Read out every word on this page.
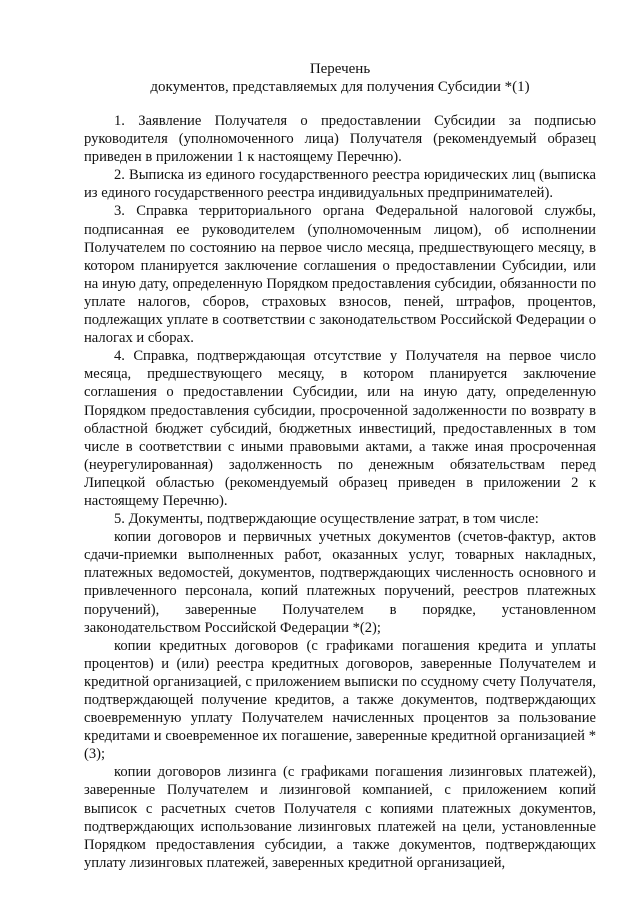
Перечень

документов, представляемых для получения Субсидии *(1)

1. Заявление Получателя о предоставлении Субсидии за подписью руководителя (уполномоченного лица) Получателя (рекомендуемый образец приведен в приложении 1 к настоящему Перечню).

2. Выписка из единого государственного реестра юридических лиц (выписка из единого государственного реестра индивидуальных предпринимателей).

3. Справка территориального органа Федеральной налоговой службы, подписанная ее руководителем (уполномоченным лицом), об исполнении Получателем по состоянию на первое число месяца, предшествующего месяцу, в котором планируется заключение соглашения о предоставлении Субсидии, или на иную дату, определенную Порядком предоставления субсидии, обязанности по уплате налогов, сборов, страховых взносов, пеней, штрафов, процентов, подлежащих уплате в соответствии с законодательством Российской Федерации о налогах и сборах.

4. Справка, подтверждающая отсутствие у Получателя на первое число месяца, предшествующего месяцу, в котором планируется заключение соглашения о предоставлении Субсидии, или на иную дату, определенную Порядком предоставления субсидии, просроченной задолженности по возврату в областной бюджет субсидий, бюджетных инвестиций, предоставленных в том числе в соответствии с иными правовыми актами, а также иная просроченная (неурегулированная) задолженность по денежным обязательствам перед Липецкой областью (рекомендуемый образец приведен в приложении 2 к настоящему Перечню).

5. Документы, подтверждающие осуществление затрат, в том числе:

копии договоров и первичных учетных документов (счетов-фактур, актов сдачи-приемки выполненных работ, оказанных услуг, товарных накладных, платежных ведомостей, документов, подтверждающих численность основного и привлеченного персонала, копий платежных поручений, реестров платежных поручений), заверенные Получателем в порядке, установленном законодательством Российской Федерации *(2);

копии кредитных договоров (с графиками погашения кредита и уплаты процентов) и (или) реестра кредитных договоров, заверенные Получателем и кредитной организацией, с приложением выписки по ссудному счету Получателя, подтверждающей получение кредитов, а также документов, подтверждающих своевременную уплату Получателем начисленных процентов за пользование кредитами и своевременное их погашение, заверенные кредитной организацией *(3);

копии договоров лизинга (с графиками погашения лизинговых платежей), заверенные Получателем и лизинговой компанией, с приложением копий выписок с расчетных счетов Получателя с копиями платежных документов, подтверждающих использование лизинговых платежей на цели, установленные Порядком предоставления субсидии, а также документов, подтверждающих уплату лизинговых платежей, заверенных кредитной организацией,
